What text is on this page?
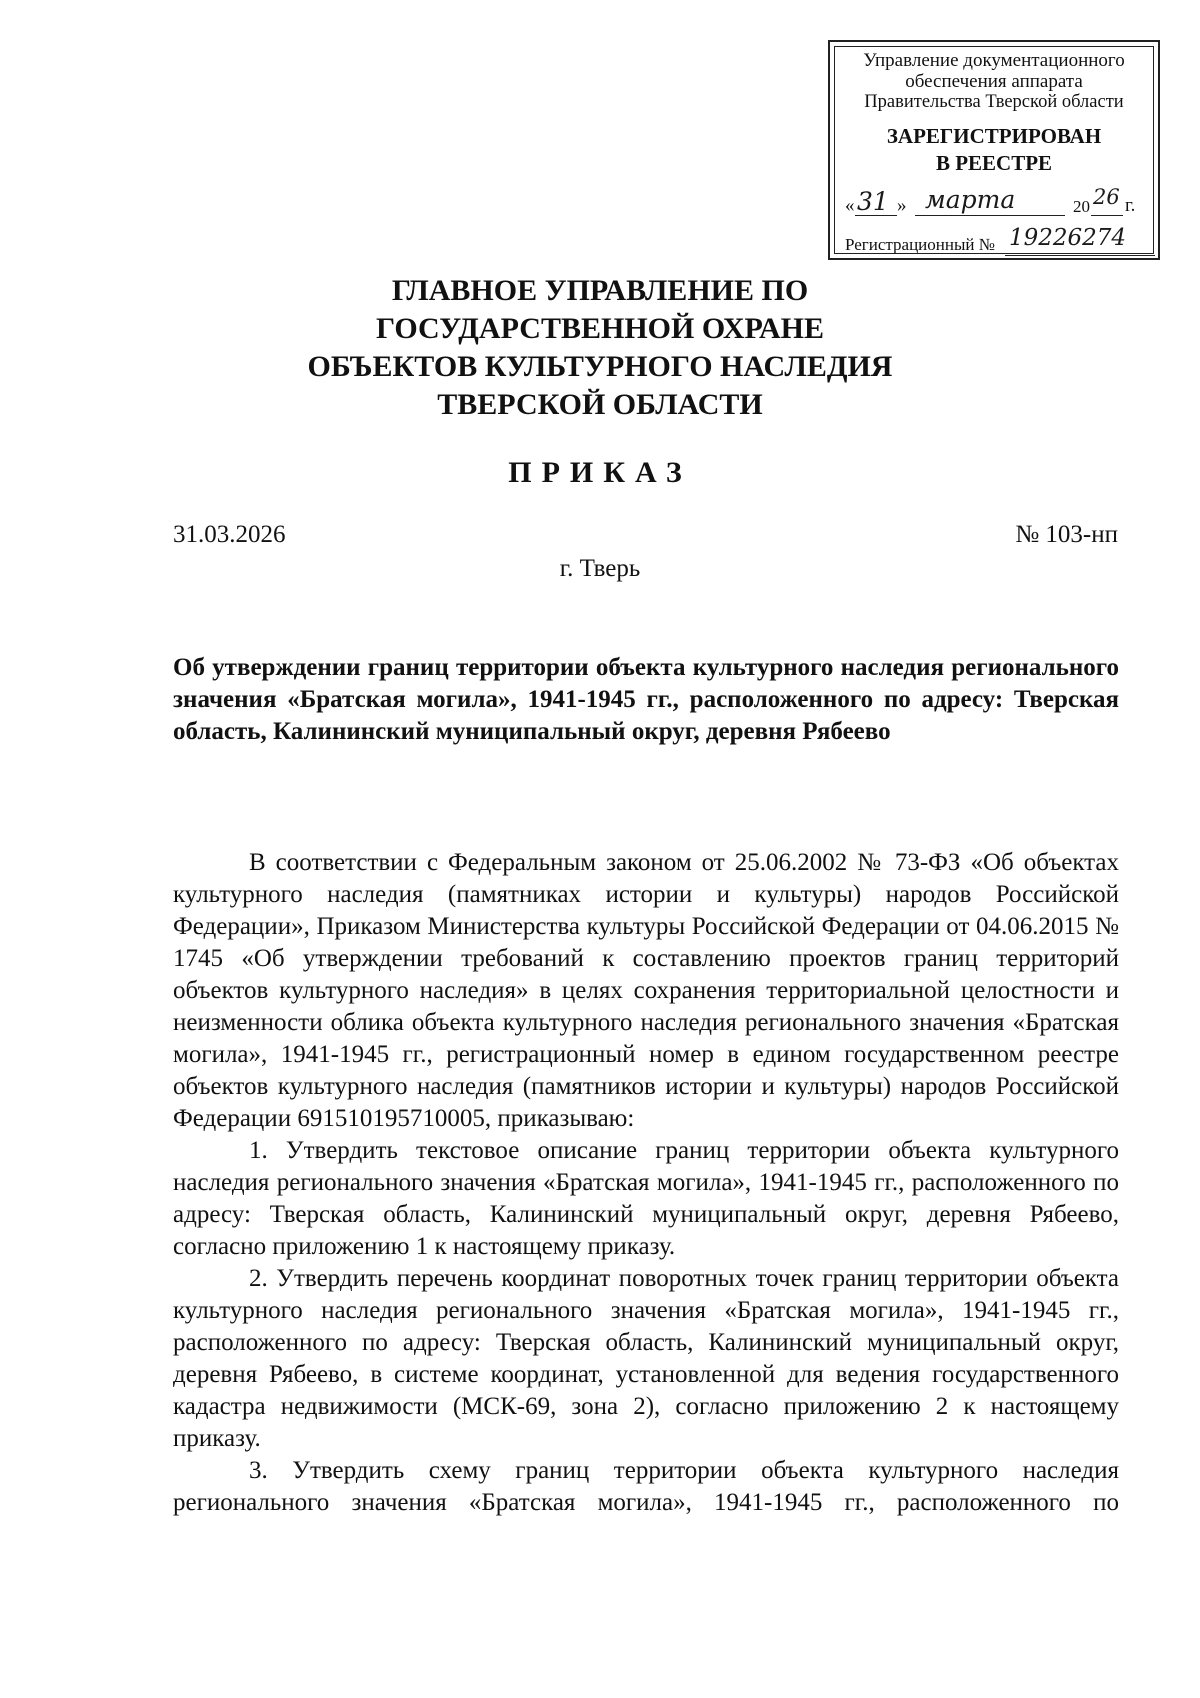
Управление документационного
обеспечения аппарата
Правительства Тверской области
ЗАРЕГИСТРИРОВАН
В РЕЕСТРЕ
« 31 » марта	20 26 г.
Регистрационный № 19226274
ГЛАВНОЕ УПРАВЛЕНИЕ ПО
ГОСУДАРСТВЕННОЙ ОХРАНЕ
ОБЪЕКТОВ КУЛЬТУРНОГО НАСЛЕДИЯ
ТВЕРСКОЙ ОБЛАСТИ
ПРИКАЗ
31.03.2026	№ 103-нп
г. Тверь
Об утверждении границ территории объекта культурного наследия регионального значения «Братская могила», 1941-1945 гг., расположенного по адресу: Тверская область, Калининский муниципальный округ, деревня Рябеево

В соответствии с Федеральным законом от 25.06.2002 № 73-ФЗ «Об объектах культурного наследия (памятниках истории и культуры) народов Российской Федерации», Приказом Министерства культуры Российской Федерации от 04.06.2015 № 1745 «Об утверждении требований к составлению проектов границ территорий объектов культурного наследия» в целях сохранения территориальной целостности и неизменности облика объекта культурного наследия регионального значения «Братская могила», 1941-1945 гг., регистрационный номер в едином государственном реестре объектов культурного наследия (памятников истории и культуры) народов Российской Федерации 691510195710005, приказываю:

1. Утвердить текстовое описание границ территории объекта культурного наследия регионального значения «Братская могила», 1941-1945 гг., расположенного по адресу: Тверская область, Калининский муниципальный округ, деревня Рябеево, согласно приложению 1 к настоящему приказу.

2. Утвердить перечень координат поворотных точек границ территории объекта культурного наследия регионального значения «Братская могила», 1941-1945 гг., расположенного по адресу: Тверская область, Калининский муниципальный округ, деревня Рябеево, в системе координат, установленной для ведения государственного кадастра недвижимости (МСК-69, зона 2), согласно приложению 2 к настоящему приказу.

3. Утвердить схему границ территории объекта культурного наследия регионального значения «Братская могила», 1941-1945 гг., расположенного по
